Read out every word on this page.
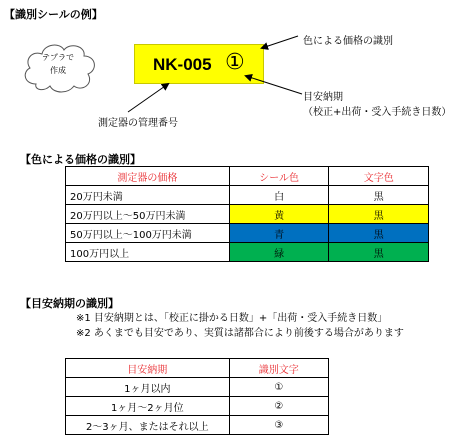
【識別シールの例】
テプラで
作成	NK-005 ①
色による価格の識別
目安納期
（校正+出荷・受入手続き日数）
測定器の管理番号
【色による価格の識別】
測定器の価格	シール色	文字色
20万円未満	白	黒
20万円以上～50万円未満	黄	黒
50万円以上～100万円未満	青	黒
100万円以上	緑	黒
【目安納期の識別】
※1 目安納期とは、「校正に掛かる日数」+「出荷・受入手続き日数」
※2 あくまでも目安であり、実質は諸都合により前後する場合があります
目安納期	識別文字
1ヶ月以内	①
1ヶ月～2ヶ月位	②
2～3ヶ月、またはそれ以上	③
